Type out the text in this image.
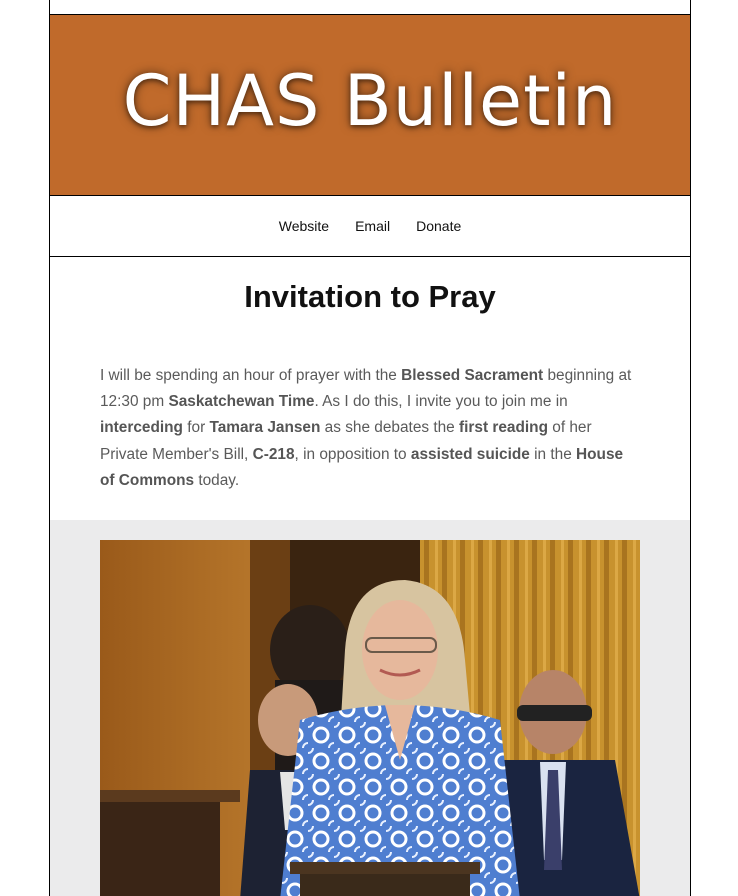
CHAS Bulletin
Website Email Donate
Invitation to Pray

I will be spending an hour of prayer with the Blessed Sacrament beginning at 12:30 pm Saskatchewan Time. As I do this, I invite you to join me in interceding for Tamara Jansen as she debates the first reading of her Private Member's Bill, C-218, in opposition to assisted suicide in the House of Commons today.
